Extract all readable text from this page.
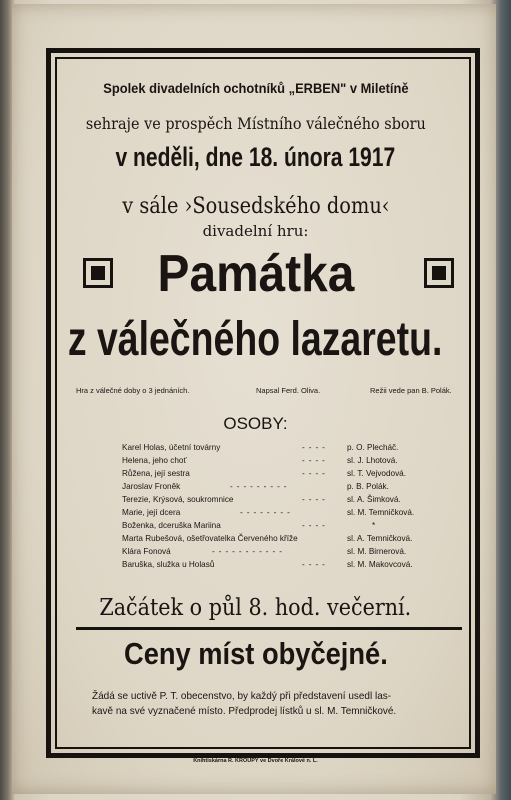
Spolek divadelních ochotníků „ERBEN" v Miletíně
sehraje ve prospěch Místního válečného sboru
v neděli, dne 18. února 1917
v sále ›Sousedského domu‹
divadelní hru:
Památka
z válečného lazaretu.
Hra z válečné doby o 3 jednáních.	Napsal Ferd. Oliva.	Režii vede pan B. Polák.
OSOBY:
Karel Holas, účetní továrny	---- p. O. Plecháč.
Helena, jeho choť	---- sl. J. Lhotová.
Růžena, její sestra	---- sl. T. Vejvodová.
Jaroslav Froněk	---------	p. B. Polák.
Terezie, Krýsová, soukromnice	---- sl. A. Šimková.
Marie, její dcera	--------	sl. M. Temničková.
Boženka, dceruška Mariina	----	*
Marta Rubešová, ošetřovatelka Červeného kříže	sl. A. Temničková.
Klára Fonová	-----------	sl. M. Birnerová.
Baruška, služka u Holasů	---- sl. M. Makovcová.
Začátek o půl 8. hod. večerní.
Ceny míst obyčejné.
Žádá se uctivě P. T. obecenstvo, by každý při představení usedl las-
kavě na své vyznačené místo. Předprodej lístků u sl. M. Temničkové.
Knihtiskárna R. KROUPY ve Dvoře Králové n. L.
